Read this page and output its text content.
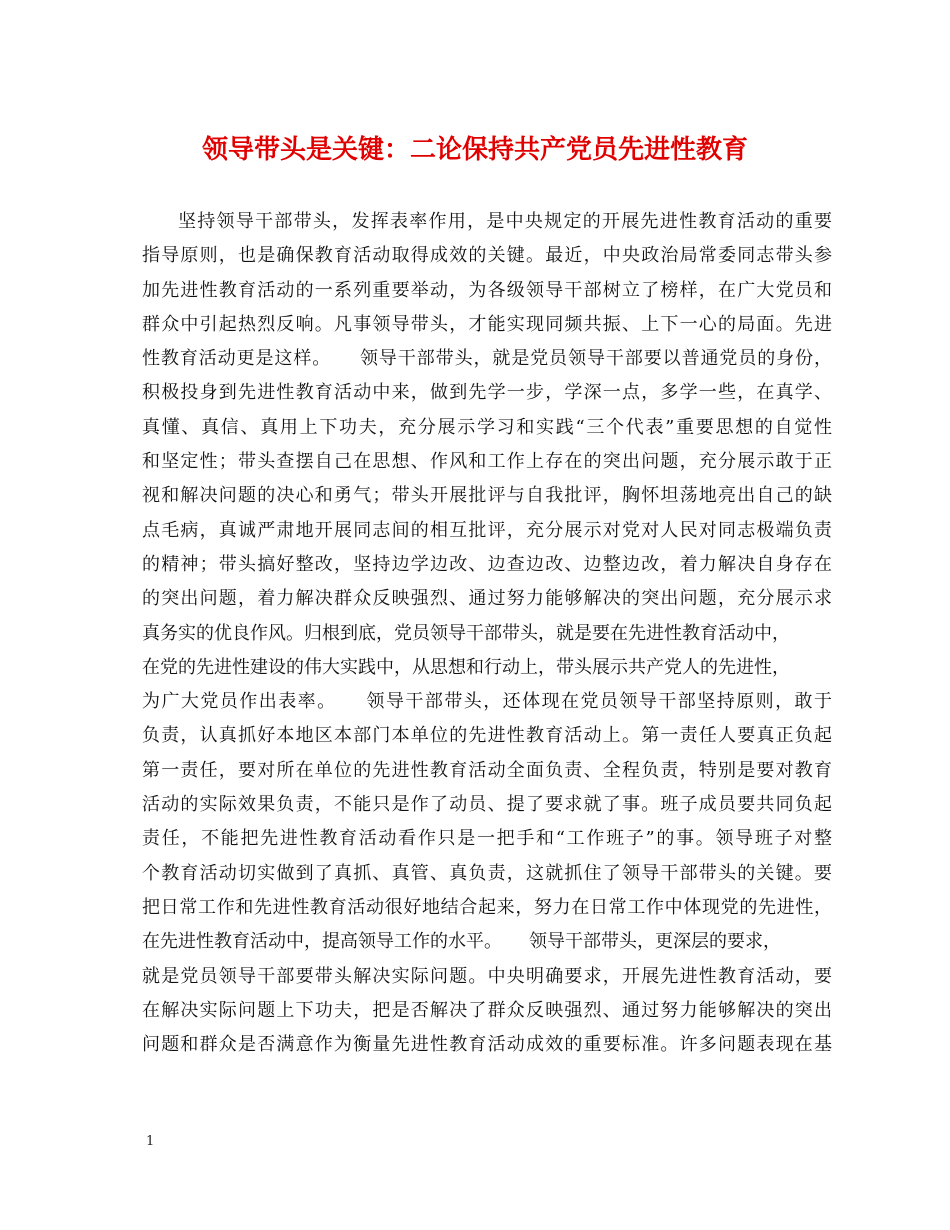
领导带头是关键：二论保持共产党员先进性教育
坚持领导干部带头，发挥表率作用，是中央规定的开展先进性教育活动的重要
指导原则，也是确保教育活动取得成效的关键。最近，中央政治局常委同志带头参
加先进性教育活动的一系列重要举动，为各级领导干部树立了榜样，在广大党员和
群众中引起热烈反响。凡事领导带头，才能实现同频共振、上下一心的局面。先进
性教育活动更是这样。　　领导干部带头，就是党员领导干部要以普通党员的身份，
积极投身到先进性教育活动中来，做到先学一步，学深一点，多学一些，在真学、
真懂、真信、真用上下功夫，充分展示学习和实践“三个代表”重要思想的自觉性
和坚定性；带头查摆自己在思想、作风和工作上存在的突出问题，充分展示敢于正
视和解决问题的决心和勇气；带头开展批评与自我批评，胸怀坦荡地亮出自己的缺
点毛病，真诚严肃地开展同志间的相互批评，充分展示对党对人民对同志极端负责
的精神；带头搞好整改，坚持边学边改、边查边改、边整边改，着力解决自身存在
的突出问题，着力解决群众反映强烈、通过努力能够解决的突出问题，充分展示求
真务实的优良作风。归根到底，党员领导干部带头，就是要在先进性教育活动中，
在党的先进性建设的伟大实践中，从思想和行动上，带头展示共产党人的先进性，
为广大党员作出表率。　　领导干部带头，还体现在党员领导干部坚持原则，敢于
负责，认真抓好本地区本部门本单位的先进性教育活动上。第一责任人要真正负起
第一责任，要对所在单位的先进性教育活动全面负责、全程负责，特别是要对教育
活动的实际效果负责，不能只是作了动员、提了要求就了事。班子成员要共同负起
责任，不能把先进性教育活动看作只是一把手和“工作班子”的事。领导班子对整
个教育活动切实做到了真抓、真管、真负责，这就抓住了领导干部带头的关键。要
把日常工作和先进性教育活动很好地结合起来，努力在日常工作中体现党的先进性，
在先进性教育活动中，提高领导工作的水平。　　领导干部带头，更深层的要求，
就是党员领导干部要带头解决实际问题。中央明确要求，开展先进性教育活动，要
在解决实际问题上下功夫，把是否解决了群众反映强烈、通过努力能够解决的突出
问题和群众是否满意作为衡量先进性教育活动成效的重要标准。许多问题表现在基
1
